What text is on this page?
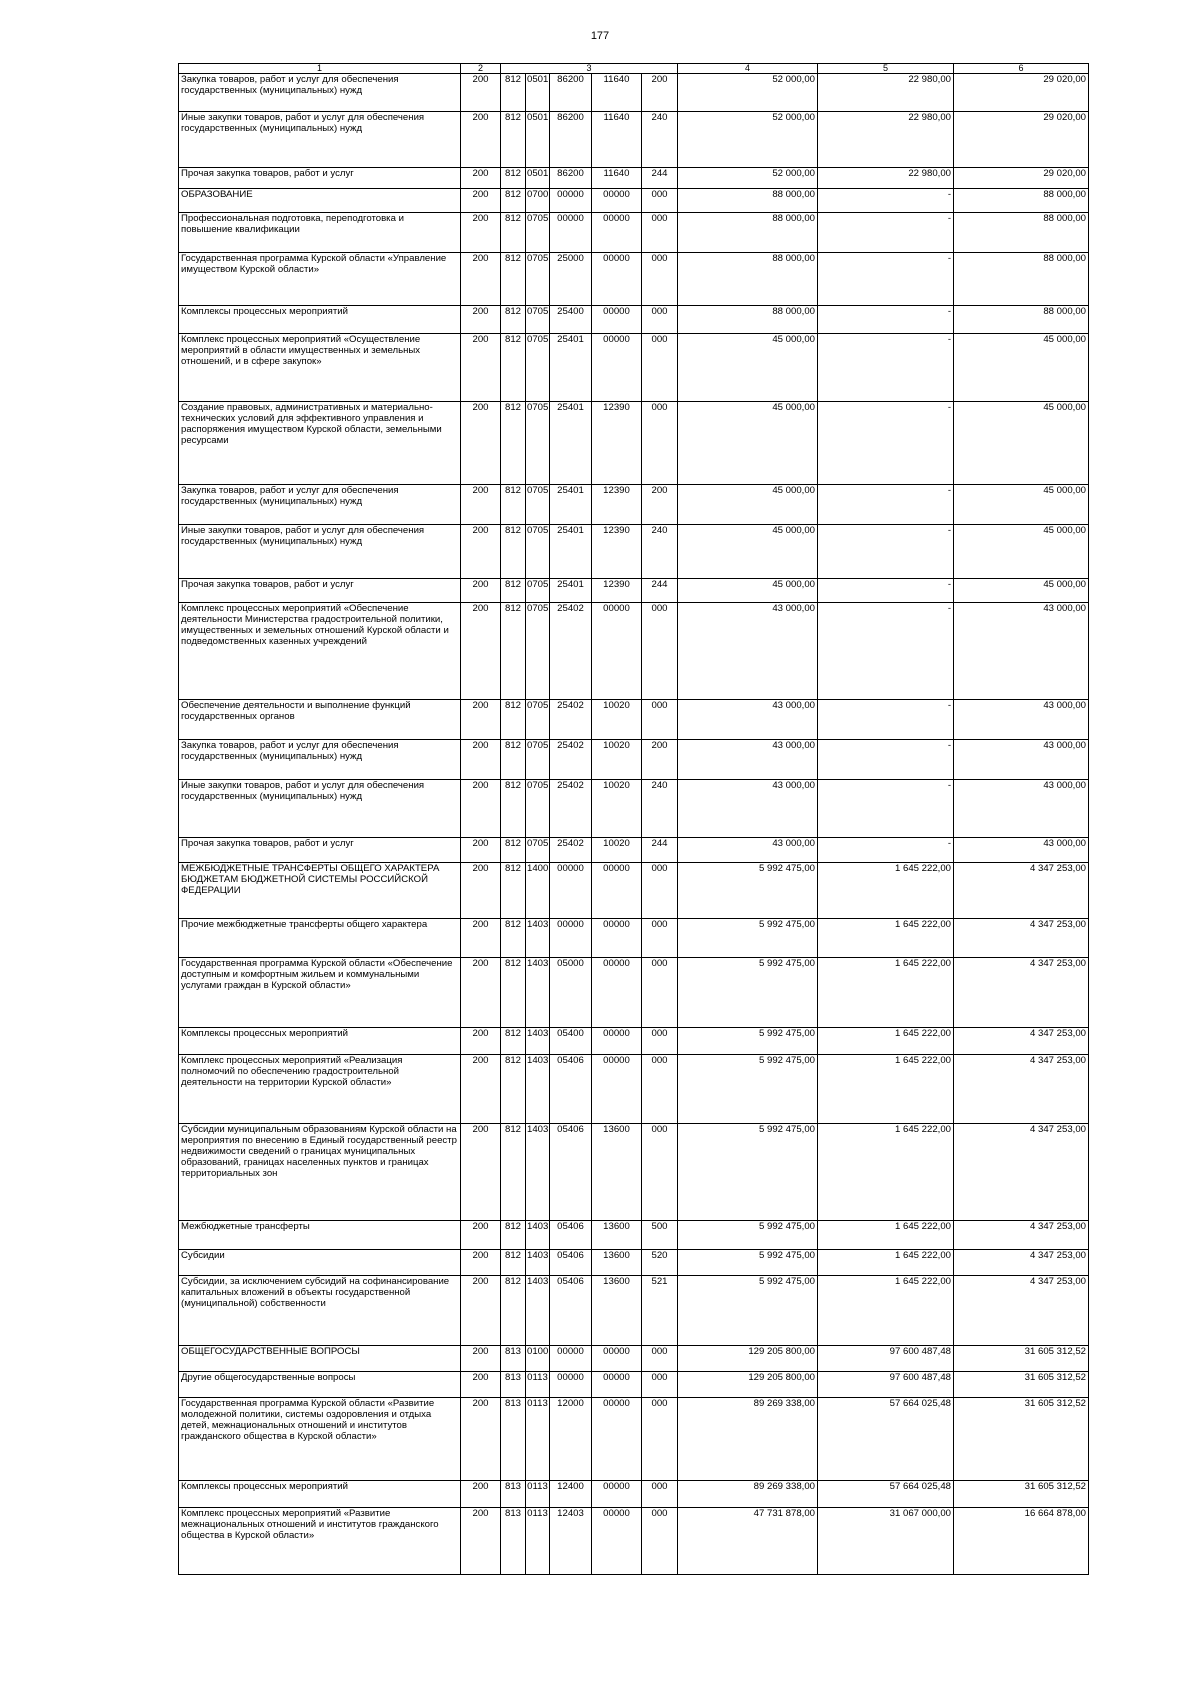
177
1	2	3					4	5	6
Закупка товаров, работ и услуг для обеспечения государственных (муниципальных) нужд	200	812	0501	86200	11640	200	52 000,00	22 980,00	29 020,00
Иные закупки товаров, работ и услуг для обеспечения государственных (муниципальных) нужд	200	812	0501	86200	11640	240	52 000,00	22 980,00	29 020,00
Прочая закупка товаров, работ и услуг	200	812	0501	86200	11640	244	52 000,00	22 980,00	29 020,00
ОБРАЗОВАНИЕ	200	812	0700	00000	00000	000	88 000,00	-	88 000,00
Профессиональная подготовка, переподготовка и повышение квалификации	200	812	0705	00000	00000	000	88 000,00	-	88 000,00
Государственная программа Курской области «Управление имуществом Курской области»	200	812	0705	25000	00000	000	88 000,00	-	88 000,00
Комплексы процессных мероприятий	200	812	0705	25400	00000	000	88 000,00	-	88 000,00
Комплекс процессных мероприятий «Осуществление мероприятий в области имущественных и земельных отношений, и в сфере закупок»	200	812	0705	25401	00000	000	45 000,00	-	45 000,00
Создание правовых, административных и материально-технических условий для эффективного управления и распоряжения имуществом Курской области, земельными ресурсами	200	812	0705	25401	12390	000	45 000,00	-	45 000,00
Закупка товаров, работ и услуг для обеспечения государственных (муниципальных) нужд	200	812	0705	25401	12390	200	45 000,00	-	45 000,00
Иные закупки товаров, работ и услуг для обеспечения государственных (муниципальных) нужд	200	812	0705	25401	12390	240	45 000,00	-	45 000,00
Прочая закупка товаров, работ и услуг	200	812	0705	25401	12390	244	45 000,00	-	45 000,00
Комплекс процессных мероприятий «Обеспечение деятельности Министерства градостроительной политики, имущественных и земельных отношений Курской области и подведомственных казенных учреждений	200	812	0705	25402	00000	000	43 000,00	-	43 000,00
Обеспечение деятельности и выполнение функций государственных органов	200	812	0705	25402	10020	000	43 000,00	-	43 000,00
Закупка товаров, работ и услуг для обеспечения государственных (муниципальных) нужд	200	812	0705	25402	10020	200	43 000,00	-	43 000,00
Иные закупки товаров, работ и услуг для обеспечения государственных (муниципальных) нужд	200	812	0705	25402	10020	240	43 000,00	-	43 000,00
Прочая закупка товаров, работ и услуг	200	812	0705	25402	10020	244	43 000,00	-	43 000,00
МЕЖБЮДЖЕТНЫЕ ТРАНСФЕРТЫ ОБЩЕГО ХАРАКТЕРА БЮДЖЕТАМ БЮДЖЕТНОЙ СИСТЕМЫ РОССИЙСКОЙ ФЕДЕРАЦИИ	200	812	1400	00000	00000	000	5 992 475,00	1 645 222,00	4 347 253,00
Прочие межбюджетные трансферты общего характера	200	812	1403	00000	00000	000	5 992 475,00	1 645 222,00	4 347 253,00
Государственная программа Курской области «Обеспечение доступным и комфортным жильем и коммунальными услугами граждан в Курской области»	200	812	1403	05000	00000	000	5 992 475,00	1 645 222,00	4 347 253,00
Комплексы процессных мероприятий	200	812	1403	05400	00000	000	5 992 475,00	1 645 222,00	4 347 253,00
Комплекс процессных мероприятий «Реализация полномочий по обеспечению градостроительной деятельности на территории Курской области»	200	812	1403	05406	00000	000	5 992 475,00	1 645 222,00	4 347 253,00
Субсидии муниципальным образованиям Курской области на мероприятия по внесению в Единый государственный реестр недвижимости сведений о границах муниципальных образований, границах населенных пунктов и границах территориальных зон	200	812	1403	05406	13600	000	5 992 475,00	1 645 222,00	4 347 253,00
Межбюджетные трансферты	200	812	1403	05406	13600	500	5 992 475,00	1 645 222,00	4 347 253,00
Субсидии	200	812	1403	05406	13600	520	5 992 475,00	1 645 222,00	4 347 253,00
Субсидии, за исключением субсидий на софинансирование капитальных вложений в объекты государственной (муниципальной) собственности	200	812	1403	05406	13600	521	5 992 475,00	1 645 222,00	4 347 253,00
ОБЩЕГОСУДАРСТВЕННЫЕ ВОПРОСЫ	200	813	0100	00000	00000	000	129 205 800,00	97 600 487,48	31 605 312,52
Другие общегосударственные вопросы	200	813	0113	00000	00000	000	129 205 800,00	97 600 487,48	31 605 312,52
Государственная программа Курской области «Развитие молодежной политики, системы оздоровления и отдыха детей, межнациональных отношений и институтов гражданского общества в Курской области»	200	813	0113	12000	00000	000	89 269 338,00	57 664 025,48	31 605 312,52
Комплексы процессных мероприятий	200	813	0113	12400	00000	000	89 269 338,00	57 664 025,48	31 605 312,52
Комплекс процессных мероприятий «Развитие межнациональных отношений и институтов гражданского общества в Курской области»	200	813	0113	12403	00000	000	47 731 878,00	31 067 000,00	16 664 878,00
